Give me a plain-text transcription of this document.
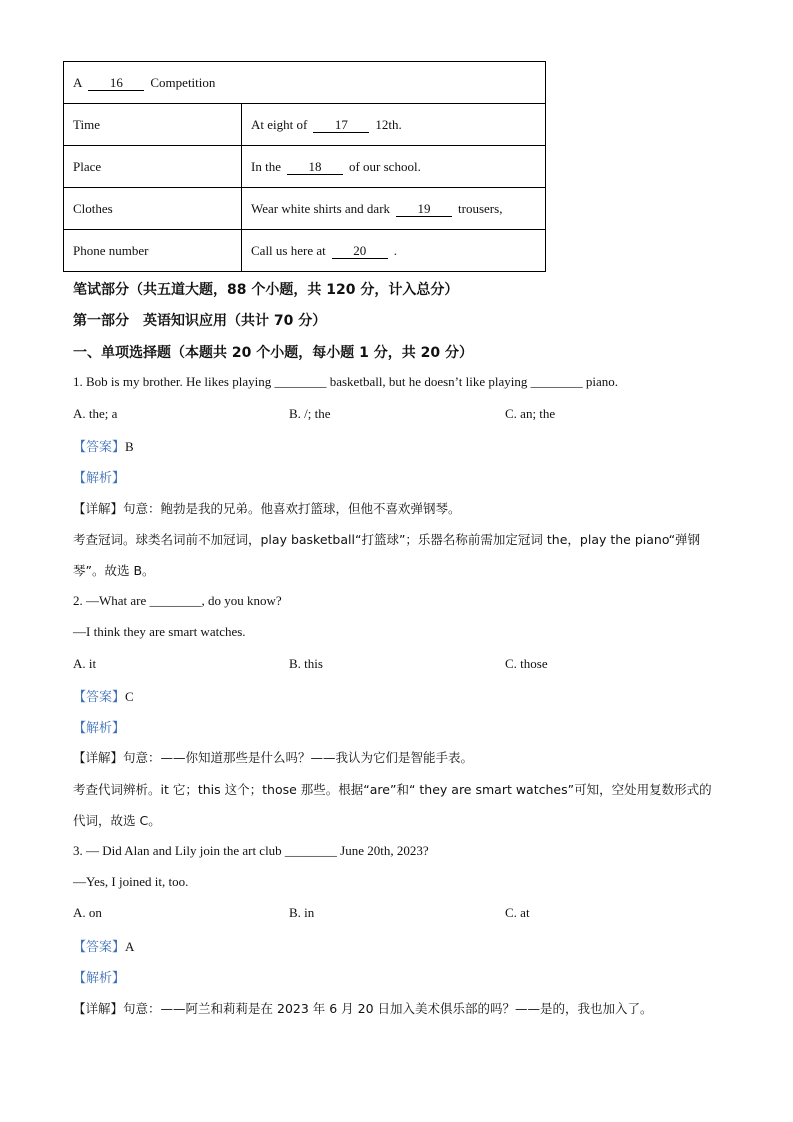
A 16 Competition	
Time	At eight of 17 12th.
Place	In the 18 of our school.
Clothes	Wear white shirts and dark 19 trousers,
Phone number	Call us here at 20 .
笔试部分（共五道大题，88 个小题，共 120 分，计入总分）
第一部分　英语知识应用（共计 70 分）
一、单项选择题（本题共 20 个小题，每小题 1 分，共 20 分）
1. Bob is my brother. He likes playing ________ basketball, but he doesn’t like playing ________ piano.
A. the; a	B. /; the	C. an; the
【答案】B
【解析】
【详解】句意：鲍勃是我的兄弟。他喜欢打篮球，但他不喜欢弹钢琴。
考查冠词。球类名词前不加冠词，play basketball“打篮球”；乐器名称前需加定冠词 the，play the piano“弹钢
琴”。故选 B。
2. —What are ________, do you know?
—I think they are smart watches.
A. it	B. this	C. those
【答案】C
【解析】
【详解】句意：——你知道那些是什么吗？——我认为它们是智能手表。
考查代词辨析。it 它；this 这个；those 那些。根据“are”和“ they are smart watches”可知，空处用复数形式的
代词，故选 C。
3. — Did Alan and Lily join the art club ________ June 20th, 2023?
—Yes, I joined it, too.
A. on	B. in	C. at
【答案】A
【解析】
【详解】句意：——阿兰和莉莉是在 2023 年 6 月 20 日加入美术俱乐部的吗？——是的，我也加入了。
